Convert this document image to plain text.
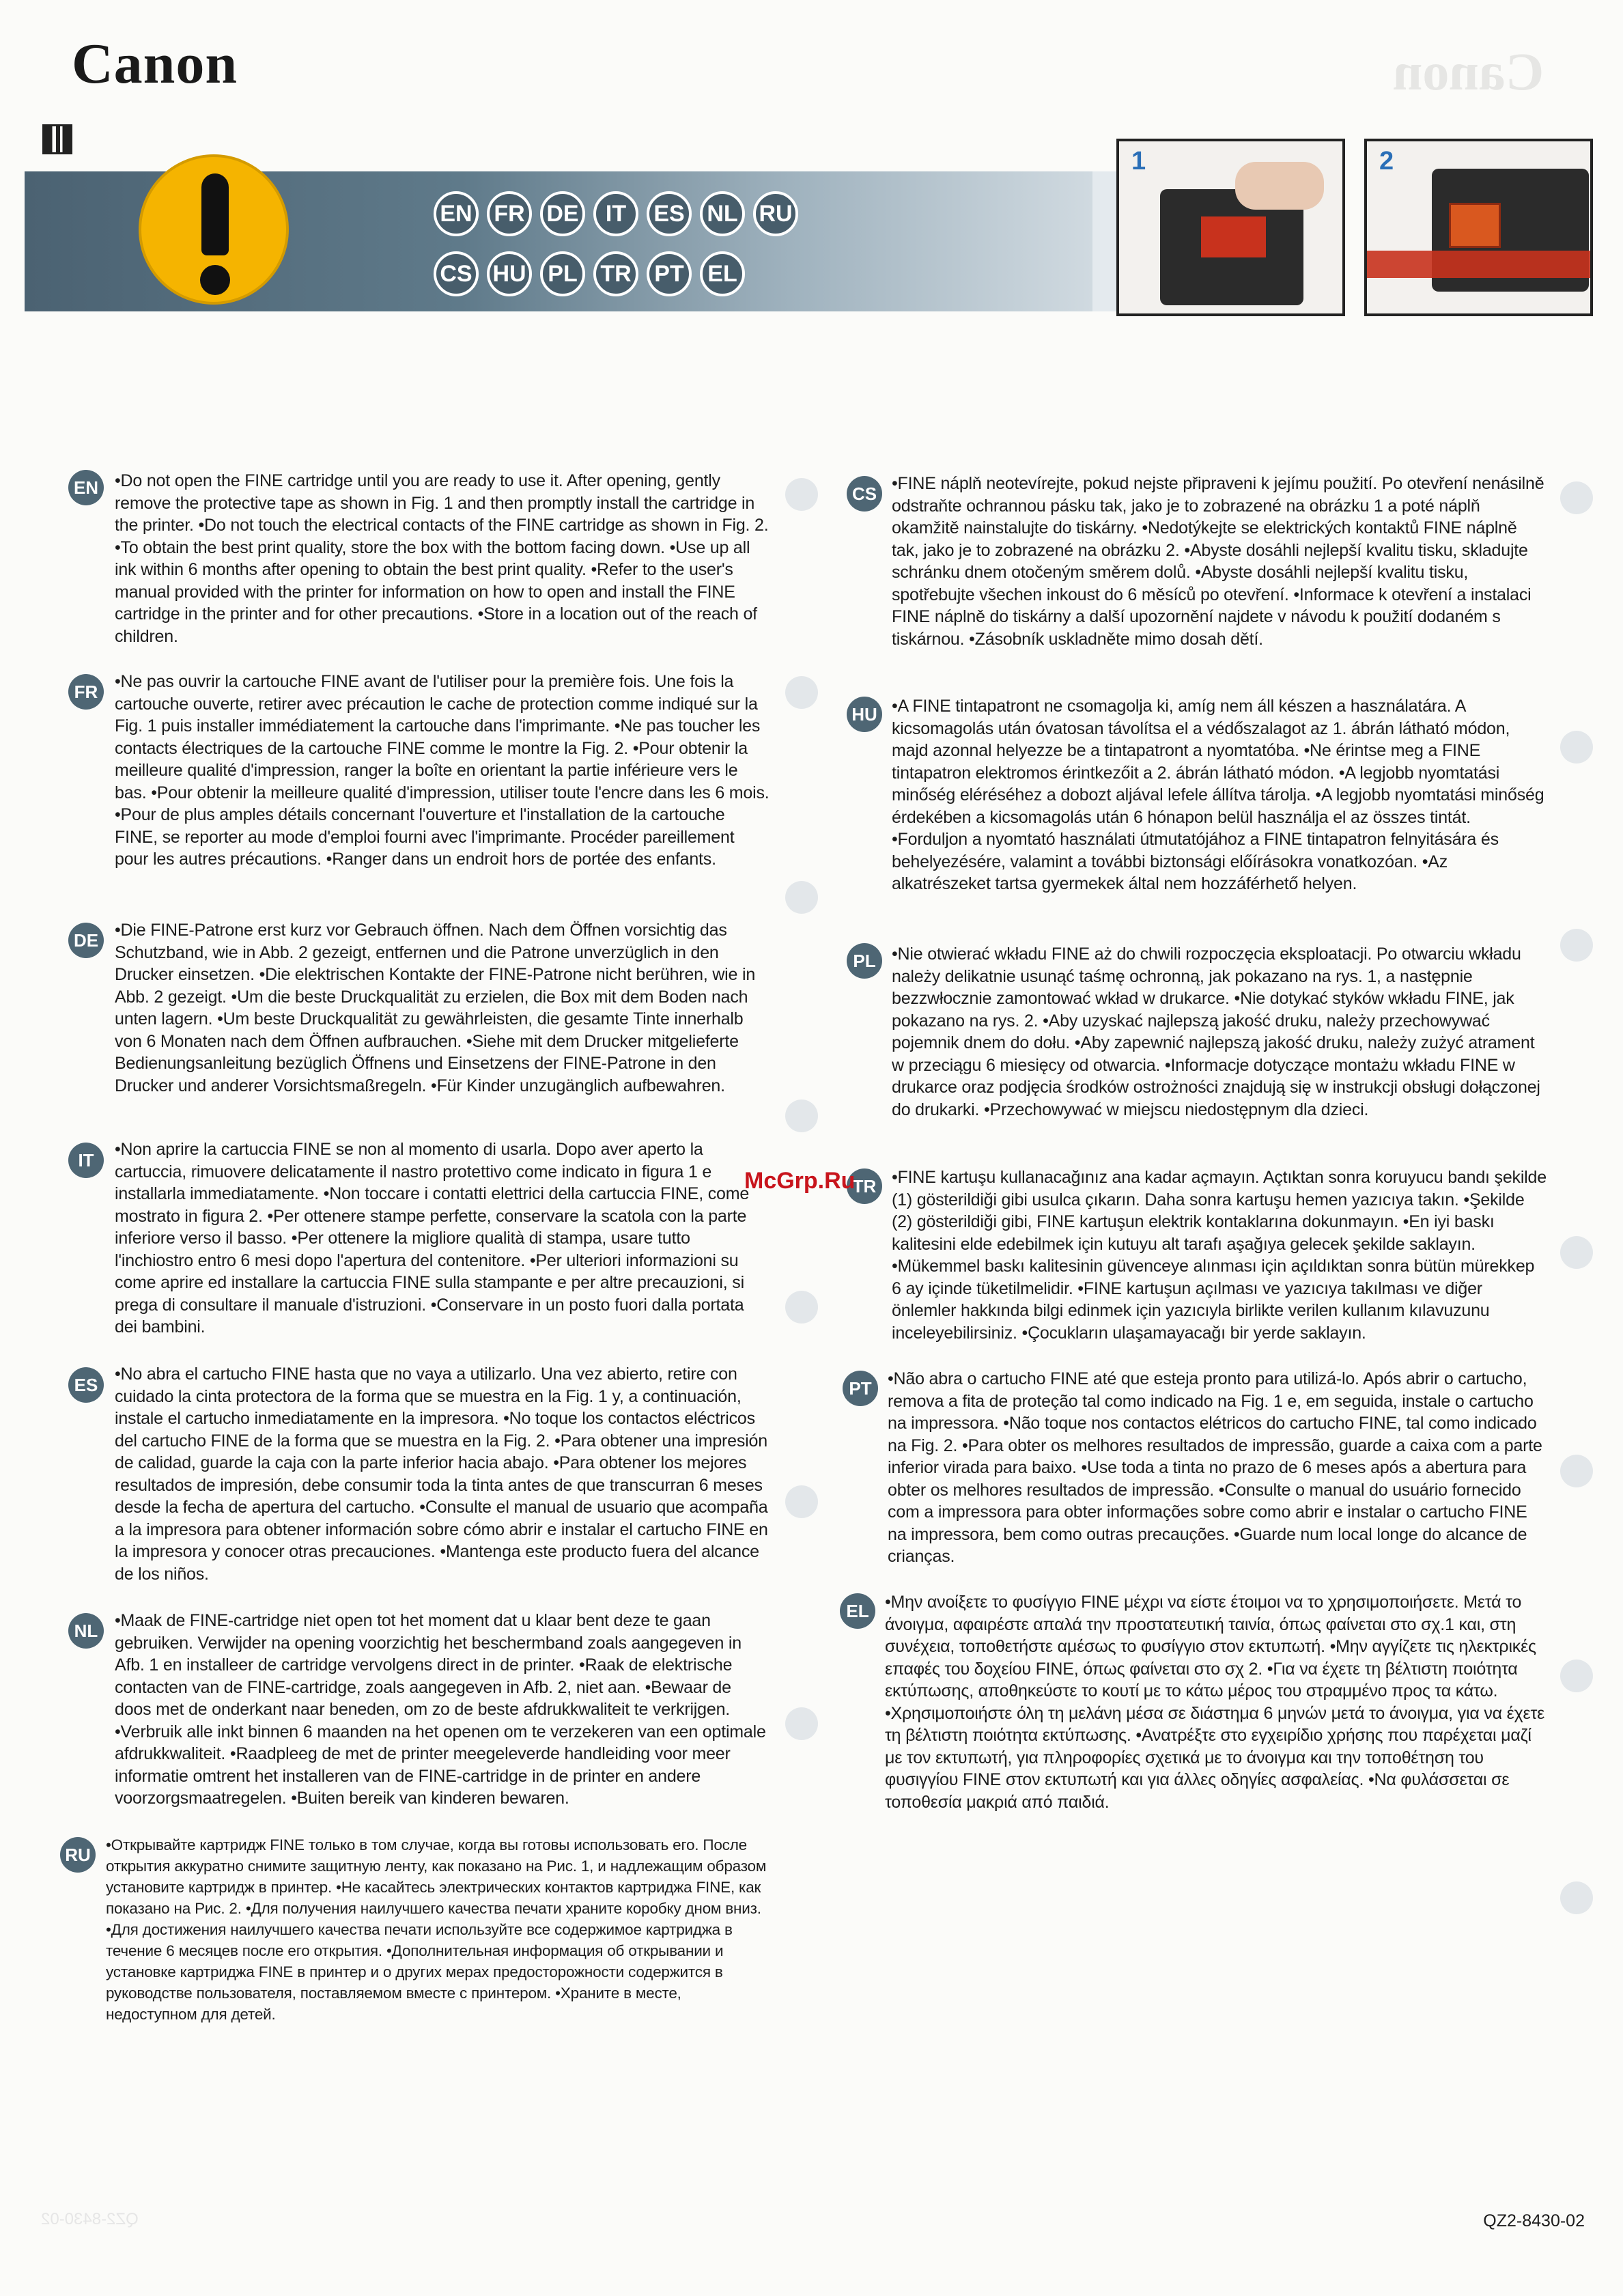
Canon
Canon
EN FR DE	IT	ES NL RU
CS HU PL TR PT	EL
1	2
EN
FR
DE
IT
ES
NL
RU

•Do not open the FINE cartridge until you are ready to use it. After opening, gently remove the protective tape as shown in Fig. 1 and then promptly install the cartridge in the printer. •Do not touch the electrical contacts of the FINE cartridge as shown in Fig. 2. •To obtain the best print quality, store the box with the bottom facing down. •Use up all ink within 6 months after opening to obtain the best print quality. •Refer to the user's manual provided with the printer for information on how to open and install the FINE cartridge in the printer and for other precautions. •Store in a location out of the reach of children.

•Ne pas ouvrir la cartouche FINE avant de l'utiliser pour la première fois. Une fois la cartouche ouverte, retirer avec précaution le cache de protection comme indiqué sur la Fig. 1 puis installer immédiatement la cartouche dans l'imprimante. •Ne pas toucher les contacts électriques de la cartouche FINE comme le montre la Fig. 2. •Pour obtenir la meilleure qualité d'impression, ranger la boîte en orientant la partie inférieure vers le bas. •Pour obtenir la meilleure qualité d'impression, utiliser toute l'encre dans les 6 mois. •Pour de plus amples détails concernant l'ouverture et l'installation de la cartouche FINE, se reporter au mode d'emploi fourni avec l'imprimante. Procéder pareillement pour les autres précautions. •Ranger dans un endroit hors de portée des enfants.

•Die FINE-Patrone erst kurz vor Gebrauch öffnen. Nach dem Öffnen vorsichtig das Schutzband, wie in Abb. 2 gezeigt, entfernen und die Patrone unverzüglich in den Drucker einsetzen. •Die elektrischen Kontakte der FINE-Patrone nicht berühren, wie in Abb. 2 gezeigt. •Um die beste Druckqualität zu erzielen, die Box mit dem Boden nach unten lagern. •Um beste Druckqualität zu gewährleisten, die gesamte Tinte innerhalb von 6 Monaten nach dem Öffnen aufbrauchen. •Siehe mit dem Drucker mitgelieferte Bedienungsanleitung bezüglich Öffnens und Einsetzens der FINE-Patrone in den Drucker und anderer Vorsichtsmaßregeln. •Für Kinder unzugänglich aufbewahren.

•Non aprire la cartuccia FINE se non al momento di usarla. Dopo aver aperto la cartuccia, rimuovere delicatamente il nastro protettivo come indicato in figura 1 e installarla immediatamente. •Non toccare i contatti elettrici della cartuccia FINE, come mostrato in figura 2. •Per ottenere stampe perfette, conservare la scatola con la parte inferiore verso il basso. •Per ottenere la migliore qualità di stampa, usare tutto l'inchiostro entro 6 mesi dopo l'apertura del contenitore. •Per ulteriori informazioni su come aprire ed installare la cartuccia FINE sulla stampante e per altre precauzioni, si prega di consultare il manuale d'istruzioni. •Conservare in un posto fuori dalla portata dei bambini.

•No abra el cartucho FINE hasta que no vaya a utilizarlo. Una vez abierto, retire con cuidado la cinta protectora de la forma que se muestra en la Fig. 1 y, a continuación, instale el cartucho inmediatamente en la impresora. •No toque los contactos eléctricos del cartucho FINE de la forma que se muestra en la Fig. 2. •Para obtener una impresión de calidad, guarde la caja con la parte inferior hacia abajo. •Para obtener los mejores resultados de impresión, debe consumir toda la tinta antes de que transcurran 6 meses desde la fecha de apertura del cartucho. •Consulte el manual de usuario que acompaña a la impresora para obtener información sobre cómo abrir e instalar el cartucho FINE en la impresora y conocer otras precauciones. •Mantenga este producto fuera del alcance de los niños.

•Maak de FINE-cartridge niet open tot het moment dat u klaar bent deze te gaan gebruiken. Verwijder na opening voorzichtig het beschermband zoals aangegeven in Afb. 1 en installeer de cartridge vervolgens direct in de printer. •Raak de elektrische contacten van de FINE-cartridge, zoals aangegeven in Afb. 2, niet aan. •Bewaar de doos met de onderkant naar beneden, om zo de beste afdrukkwaliteit te verkrijgen. •Verbruik alle inkt binnen 6 maanden na het openen om te verzekeren van een optimale afdrukkwaliteit. •Raadpleeg de met de printer meegeleverde handleiding voor meer informatie omtrent het installeren van de FINE-cartridge in de printer en andere voorzorgsmaatregelen. •Buiten bereik van kinderen bewaren.

•Открывайте картридж FINE только в том случае, когда вы готовы использовать его. После открытия аккуратно снимите защитную ленту, как показано на Рис. 1, и надлежащим образом установите картридж в принтер. •Не касайтесь электрических контактов картриджа FINE, как показано на Рис. 2. •Для получения наилучшего качества печати храните коробку дном вниз. •Для достижения наилучшего качества печати используйте все содержимое картриджа в течение 6 месяцев после его открытия. •Дополнительная информация об открывании и установке картриджа FINE в принтер и о других мерах предосторожности содержится в руководстве пользователя, поставляемом вместе с принтером. •Храните в месте, недоступном для детей.

CS
HU
PL
TR
PT
EL

•FINE náplň neotevírejte, pokud nejste připraveni k jejímu použití. Po otevření nenásilně odstraňte ochrannou pásku tak, jako je to zobrazené na obrázku 1 a poté náplň okamžitě nainstalujte do tiskárny. •Nedotýkejte se elektrických kontaktů FINE náplně tak, jako je to zobrazené na obrázku 2. •Abyste dosáhli nejlepší kvalitu tisku, skladujte schránku dnem otočeným směrem dolů. •Abyste dosáhli nejlepší kvalitu tisku, spotřebujte všechen inkoust do 6 měsíců po otevření. •Informace k otevření a instalaci FINE náplně do tiskárny a další upozornění najdete v návodu k použití dodaném s tiskárnou. •Zásobník uskladněte mimo dosah dětí.

•A FINE tintapatront ne csomagolja ki, amíg nem áll készen a használatára. A kicsomagolás után óvatosan távolítsa el a védőszalagot az 1. ábrán látható módon, majd azonnal helyezze be a tintapatront a nyomtatóba. •Ne érintse meg a FINE tintapatron elektromos érintkezőit a 2. ábrán látható módon. •A legjobb nyomtatási minőség eléréséhez a dobozt aljával lefele állítva tárolja. •A legjobb nyomtatási minőség érdekében a kicsomagolás után 6 hónapon belül használja el az összes tintát. •Forduljon a nyomtató használati útmutatójához a FINE tintapatron felnyitására és behelyezésére, valamint a további biztonsági előírásokra vonatkozóan. •Az alkatrészeket tartsa gyermekek által nem hozzáférhető helyen.

•Nie otwierać wkładu FINE aż do chwili rozpoczęcia eksploatacji. Po otwarciu wkładu należy delikatnie usunąć taśmę ochronną, jak pokazano na rys. 1, a następnie bezzwłocznie zamontować wkład w drukarce. •Nie dotykać styków wkładu FINE, jak pokazano na rys. 2. •Aby uzyskać najlepszą jakość druku, należy przechowywać pojemnik dnem do dołu. •Aby zapewnić najlepszą jakość druku, należy zużyć atrament w przeciągu 6 miesięcy od otwarcia. •Informacje dotyczące montażu wkładu FINE w drukarce oraz podjęcia środków ostrożności znajdują się w instrukcji obsługi dołączonej do drukarki. •Przechowywać w miejscu niedostępnym dla dzieci.

•FINE kartuşu kullanacağınız ana kadar açmayın. Açtıktan sonra koruyucu bandı şekilde (1) gösterildiği gibi usulca çıkarın. Daha sonra kartuşu hemen yazıcıya takın. •Şekilde (2) gösterildiği gibi, FINE kartuşun elektrik kontaklarına dokunmayın. •En iyi baskı kalitesini elde edebilmek için kutuyu alt tarafı aşağıya gelecek şekilde saklayın. •Mükemmel baskı kalitesinin güvenceye alınması için açıldıktan sonra bütün mürekkep 6 ay içinde tüketilmelidir. •FINE kartuşun açılması ve yazıcıya takılması ve diğer önlemler hakkında bilgi edinmek için yazıcıyla birlikte verilen kullanım kılavuzunu inceleyebilirsiniz. •Çocukların ulaşamayacağı bir yerde saklayın.

•Não abra o cartucho FINE até que esteja pronto para utilizá-lo. Após abrir o cartucho, remova a fita de proteção tal como indicado na Fig. 1 e, em seguida, instale o cartucho na impressora. •Não toque nos contactos elétricos do cartucho FINE, tal como indicado na Fig. 2. •Para obter os melhores resultados de impressão, guarde a caixa com a parte inferior virada para baixo. •Use toda a tinta no prazo de 6 meses após a abertura para obter os melhores resultados de impressão. •Consulte o manual do usuário fornecido com a impressora para obter informações sobre como abrir e instalar o cartucho FINE na impressora, bem como outras precauções. •Guarde num local longe do alcance de crianças.

•Μην ανοίξετε το φυσίγγιο FINE μέχρι να είστε έτοιμοι να το χρησιμοποιήσετε. Μετά το άνοιγμα, αφαιρέστε απαλά την προστατευτική ταινία, όπως φαίνεται στο σχ.1 και, στη συνέχεια, τοποθετήστε αμέσως το φυσίγγιο στον εκτυπωτή. •Μην αγγίζετε τις ηλεκτρικές επαφές του δοχείου FINE, όπως φαίνεται στο σχ 2. •Για να έχετε τη βέλτιστη ποιότητα εκτύπωσης, αποθηκεύστε το κουτί με το κάτω μέρος του στραμμένο προς τα κάτω. •Χρησιμοποιήστε όλη τη μελάνη μέσα σε διάστημα 6 μηνών μετά το άνοιγμα, για να έχετε τη βέλτιστη ποιότητα εκτύπωσης. •Ανατρέξτε στο εγχειρίδιο χρήσης που παρέχεται μαζί με τον εκτυπωτή, για πληροφορίες σχετικά με το άνοιγμα και την τοποθέτηση του φυσιγγίου FINE στον εκτυπωτή και για άλλες οδηγίες ασφαλείας. •Να φυλάσσεται σε τοποθεσία μακριά από παιδιά.

McGrp.Ru
QZ2-8430-02	QZ2-8430-02
